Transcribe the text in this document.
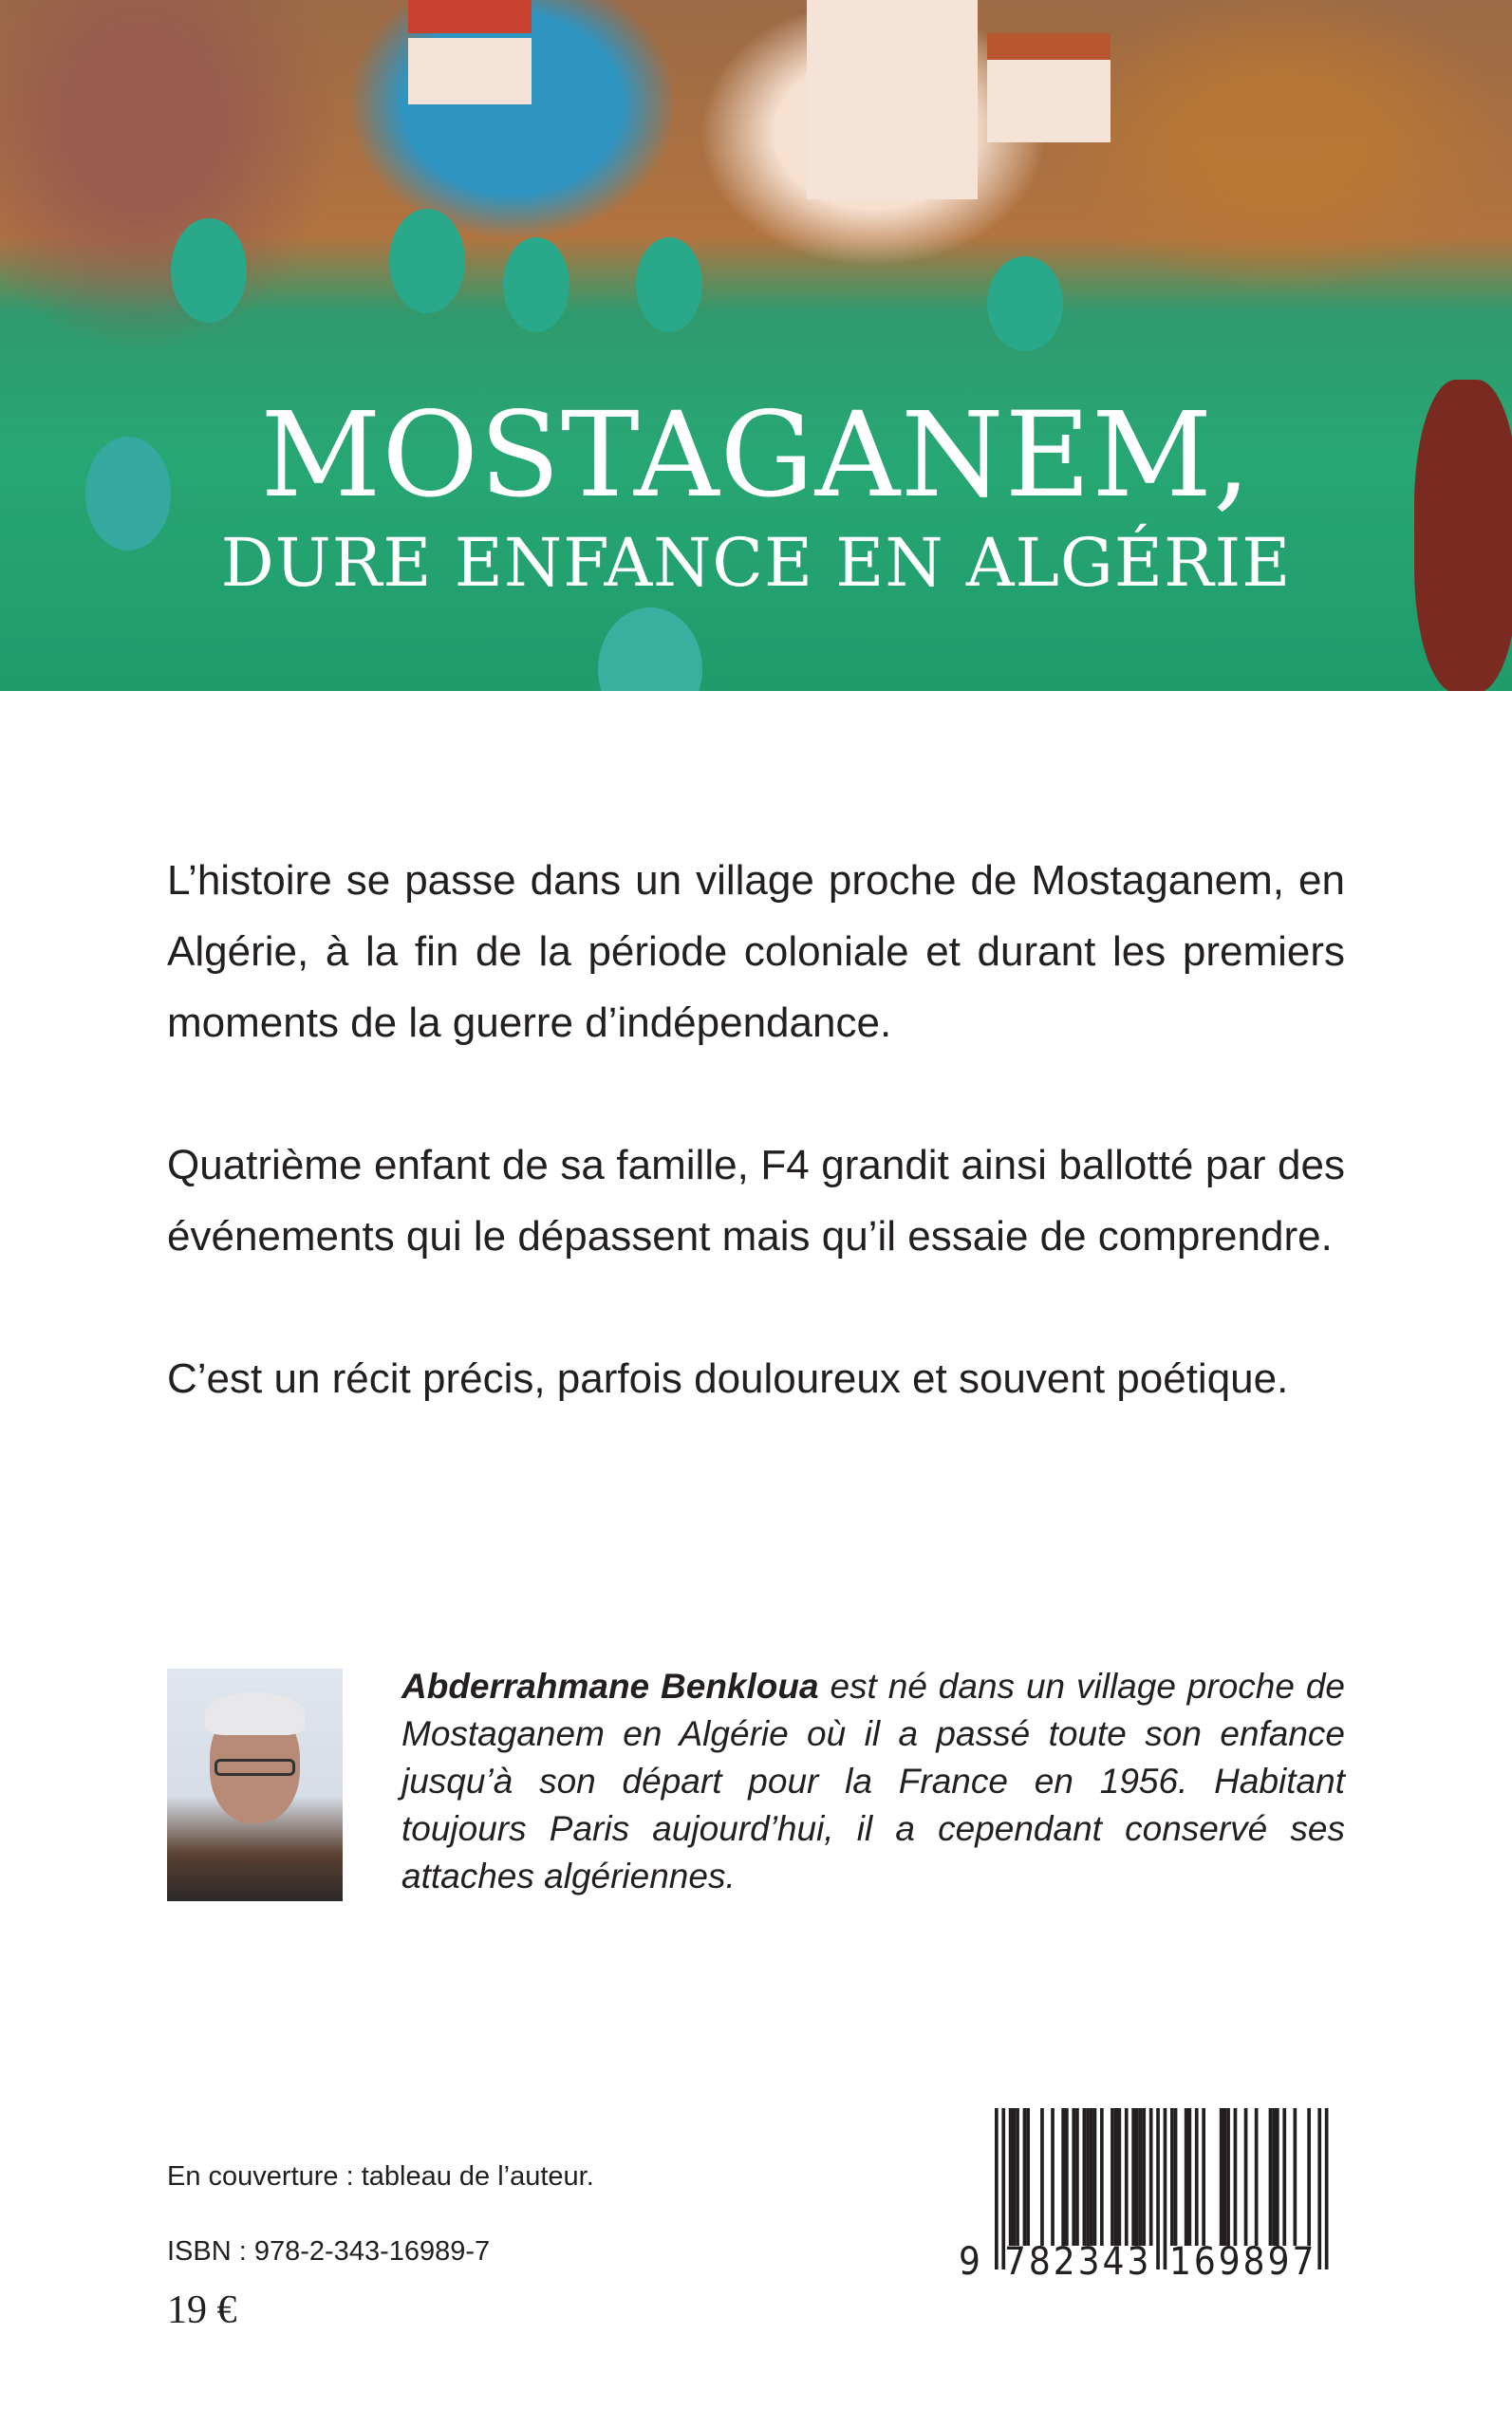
MOSTAGANEM,
DURE ENFANCE EN ALGÉRIE

L’histoire se passe dans un village proche de Mostaganem, en Algérie, à la fin de la période coloniale et durant les premiers moments de la guerre d’indépendance.

Quatrième enfant de sa famille, F4 grandit ainsi ballotté par des événements qui le dépassent mais qu’il essaie de comprendre.

C’est un récit précis, parfois douloureux et souvent poétique.

Abderrahmane Benkloua est né dans un village proche de Mostaganem en Algérie où il a passé toute son enfance jusqu’à son départ pour la France en 1956. Habitant toujours Paris aujourd’hui, il a cependant conservé ses attaches algériennes.
En couverture : tableau de l’auteur.
ISBN : 978-2-343-16989-7
19 €
9 782343 169897
